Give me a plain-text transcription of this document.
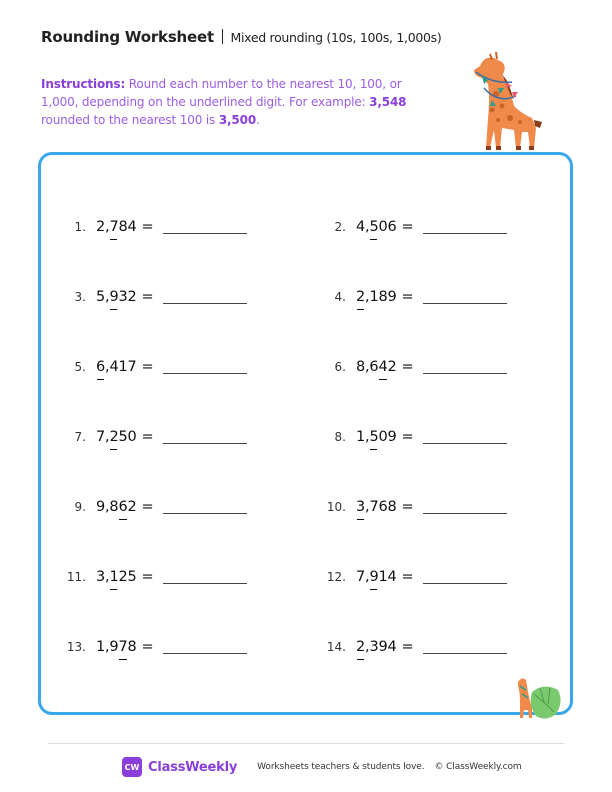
Rounding Worksheet Mixed rounding (10s, 100s, 1,000s)
Instructions: Round each number to the nearest 10, 100, or 1,000, depending on the underlined digit. For example: 3,548 rounded to the nearest 100 is 3,500.
1. 2,784 =	2. 4,506 =
3. 5,932 =	4. 2,189 =
5. 6,417 =	6. 8,642 =
7. 7,250 =	8. 1,509 =
9. 9,862 =	10. 3,768 =
11. 3,125 =	12. 7,914 =
13. 1,978 =	14. 2,394 =
CW ClassWeekly Worksheets teachers & students love. © ClassWeekly.com
